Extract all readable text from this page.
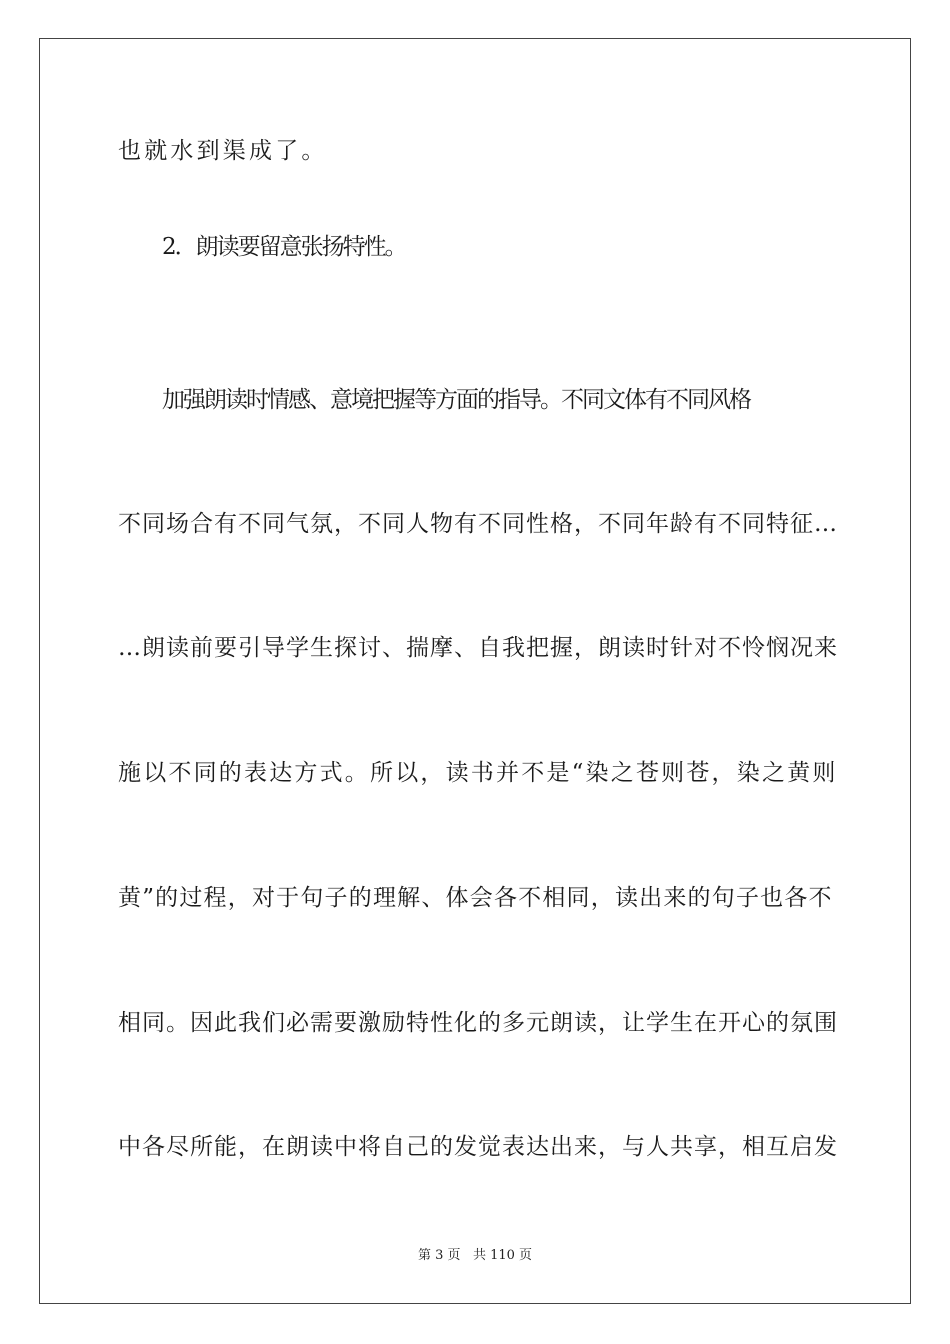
也就水到渠成了。
2．朗读要留意张扬特性。
加强朗读时情感、意境把握等方面的指导。不同文体有不同风格
不同场合有不同气氛，不同人物有不同性格，不同年龄有不同特征…
…朗读前要引导学生探讨、揣摩、自我把握，朗读时针对不怜悯况来
施以不同的表达方式。所以，读书并不是“染之苍则苍，染之黄则
黄”的过程，对于句子的理解、体会各不相同，读出来的句子也各不
相同。因此我们必需要激励特性化的多元朗读，让学生在开心的氛围
中各尽所能，在朗读中将自己的发觉表达出来，与人共享，相互启发
第 3 页 共 110 页
